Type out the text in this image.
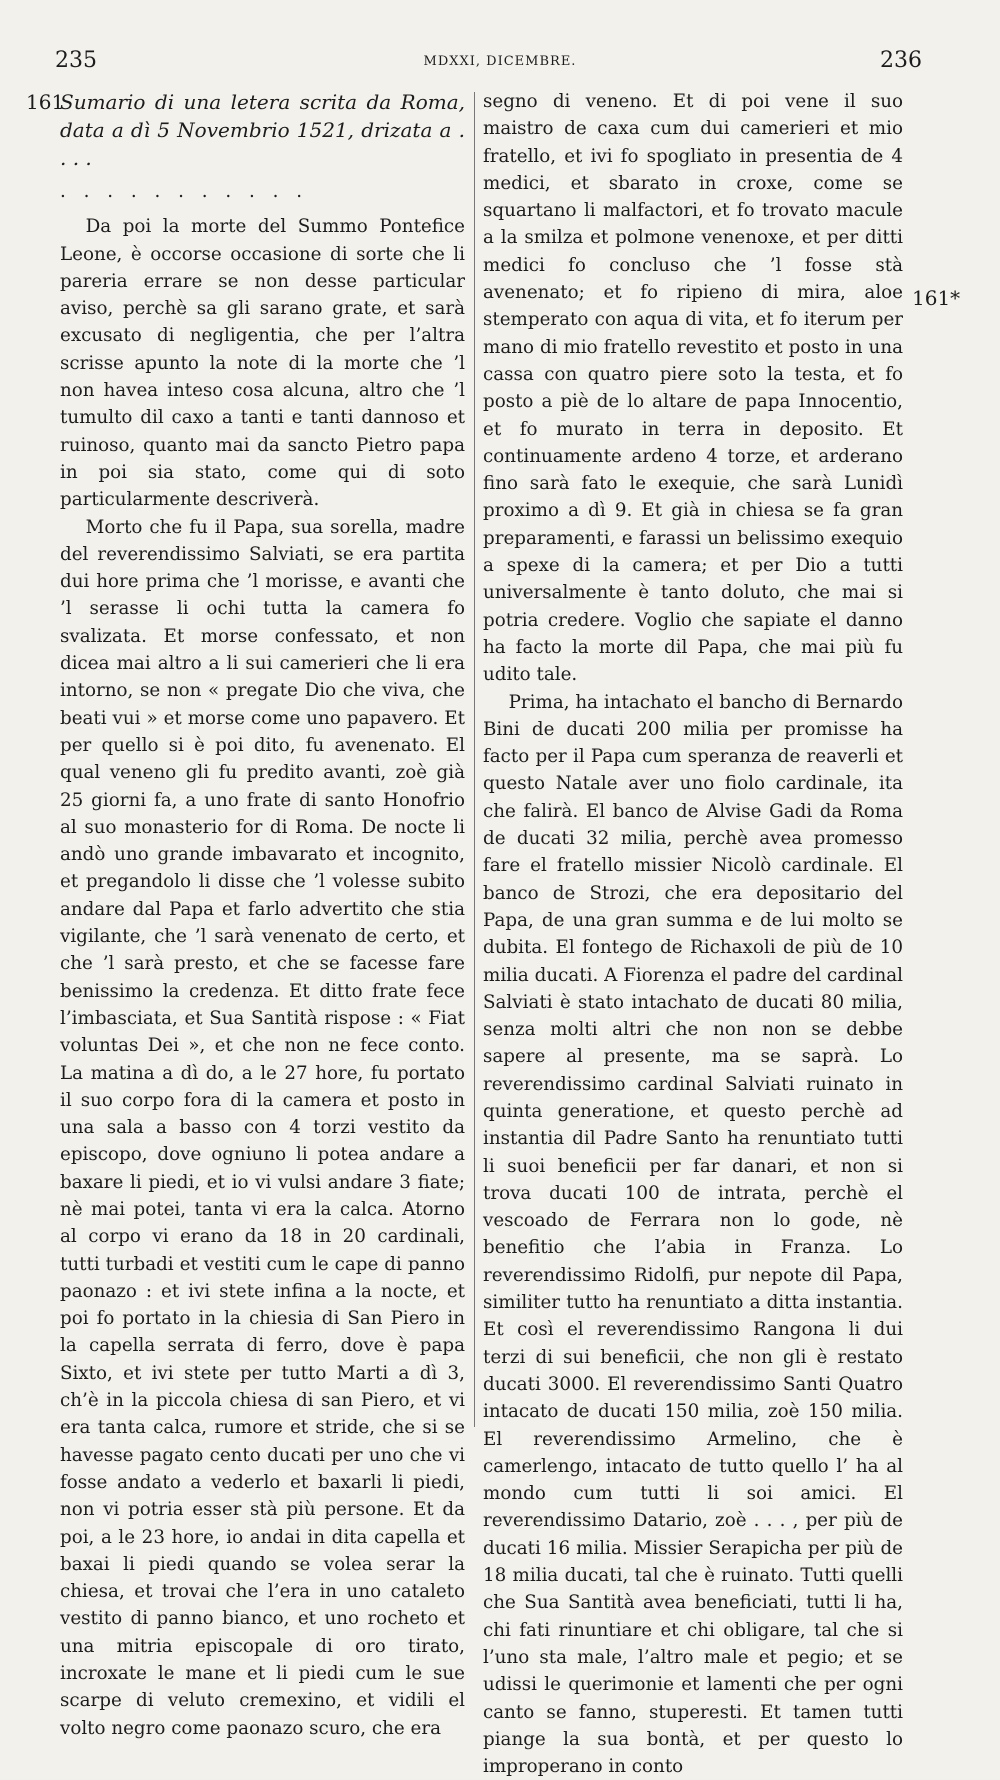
235	MDXXI, DICEMBRE.	236
161
Sumario di una letera scrita da Roma, data a dì 5 Novembrio 1521, drizata a . . . .
. . . . . . . . . . .

Da poi la morte del Summo Pontefice Leone, è occorse occasione di sorte che li pareria errare se non desse particular aviso, perchè sa gli sarano grate, et sarà excusato di negligentia, che per l’altra scrisse apunto la note di la morte che ’l non havea inteso cosa alcuna, altro che ’l tumulto dil caxo a tanti e tanti dannoso et ruinoso, quanto mai da sancto Pietro papa in poi sia stato, come qui di soto particularmente descriverà.

Morto che fu il Papa, sua sorella, madre del reverendissimo Salviati, se era partita dui hore prima che ’l morisse, e avanti che ’l serasse li ochi tutta la camera fo svalizata. Et morse confessato, et non dicea mai altro a li sui camerieri che li era intorno, se non « pregate Dio che viva, che beati vui » et morse come uno papavero. Et per quello si è poi dito, fu avenenato. El qual veneno gli fu predito avanti, zoè già 25 giorni fa, a uno frate di santo Honofrio al suo monasterio for di Roma. De nocte li andò uno grande imbavarato et incognito, et pregandolo li disse che ’l volesse subito andare dal Papa et farlo advertito che stia vigilante, che ’l sarà venenato de certo, et che ’l sarà presto, et che se facesse fare benissimo la credenza. Et ditto frate fece l’imbasciata, et Sua Santità rispose : « Fiat voluntas Dei », et che non ne fece conto. La matina a dì do, a le 27 hore, fu portato il suo corpo fora di la camera et posto in una sala a basso con 4 torzi vestito da episcopo, dove ogniuno li potea andare a baxare li piedi, et io vi vulsi andare 3 fiate; nè mai potei, tanta vi era la calca. Atorno al corpo vi erano da 18 in 20 cardinali, tutti turbadi et vestiti cum le cape di panno paonazo : et ivi stete infina a la nocte, et poi fo portato in la chiesia di San Piero in la capella serrata di ferro, dove è papa Sixto, et ivi stete per tutto Marti a dì 3, ch’è in la piccola chiesa di san Piero, et vi era tanta calca, rumore et stride, che si se havesse pagato cento ducati per uno che vi fosse andato a vederlo et baxarli li piedi, non vi potria esser stà più persone. Et da poi, a le 23 hore, io andai in dita capella et baxai li piedi quando se volea serar la chiesa, et trovai che l’era in uno cataleto vestito di panno bianco, et uno rocheto et una mitria episcopale di oro tirato, incroxate le mane et li piedi cum le sue scarpe di veluto cremexino, et vidili el volto negro come paonazo scuro, che era

segno di veneno. Et di poi vene il suo maistro de caxa cum dui camerieri et mio fratello, et ivi fo spogliato in presentia de 4 medici, et sbarato in croxe, come se squartano li malfactori, et fo trovato macule a la smilza et polmone venenoxe, et per ditti medici fo concluso che ’l fosse stà avenenato; et fo ripieno di mira, aloe stemperato con aqua di vita, et fo iterum per mano di mio fratello revestito et posto in una cassa con quatro piere soto la testa, et fo posto a piè de lo altare de papa Innocentio, et fo murato in terra in deposito. Et continuamente ardeno 4 torze, et arderano fino sarà fato le exequie, che sarà Lunidì proximo a dì 9. Et già in chiesa se fa gran preparamenti, e farassi un belissimo exequio a spexe di la camera; et per Dio a tutti universalmente è tanto doluto, che mai si potria credere. Voglio che sapiate el danno ha facto la morte dil Papa, che mai più fu udito tale.

Prima, ha intachato el bancho di Bernardo Bini de ducati 200 milia per promisse ha facto per il Papa cum speranza de reaverli et questo Natale aver uno fiolo cardinale, ita che falirà. El banco de Alvise Gadi da Roma de ducati 32 milia, perchè avea promesso fare el fratello missier Nicolò cardinale. El banco de Strozi, che era depositario del Papa, de una gran summa e de lui molto se dubita. El fontego de Richaxoli de più de 10 milia ducati. A Fiorenza el padre del cardinal Salviati è stato intachato de ducati 80 milia, senza molti altri che non non se debbe sapere al presente, ma se saprà. Lo reverendissimo cardinal Salviati ruinato in quinta generatione, et questo perchè ad instantia dil Padre Santo ha renuntiato tutti li suoi beneficii per far danari, et non si trova ducati 100 de intrata, perchè el vescoado de Ferrara non lo gode, nè benefitio che l’abia in Franza. Lo reverendissimo Ridolfi, pur nepote dil Papa, similiter tutto ha renuntiato a ditta instantia. Et così el reverendissimo Rangona li dui terzi di sui beneficii, che non gli è restato ducati 3000. El reverendissimo Santi Quatro intacato de ducati 150 milia, zoè 150 milia. El reverendissimo Armelino, che è camerlengo, intacato de tutto quello l’ ha al mondo cum tutti li soi amici. El reverendissimo Datario, zoè . . . , per più de ducati 16 milia. Missier Serapicha per più de 18 milia ducati, tal che è ruinato. Tutti quelli che Sua Santità avea beneficiati, tutti li ha, chi fati rinuntiare et chi obligare, tal che si l’uno sta male, l’altro male et pegio; et se udissi le querimonie et lamenti che per ogni canto se fanno, stuperesti. Et tamen tutti piange la sua bontà, et per questo lo improperano in conto

161*
